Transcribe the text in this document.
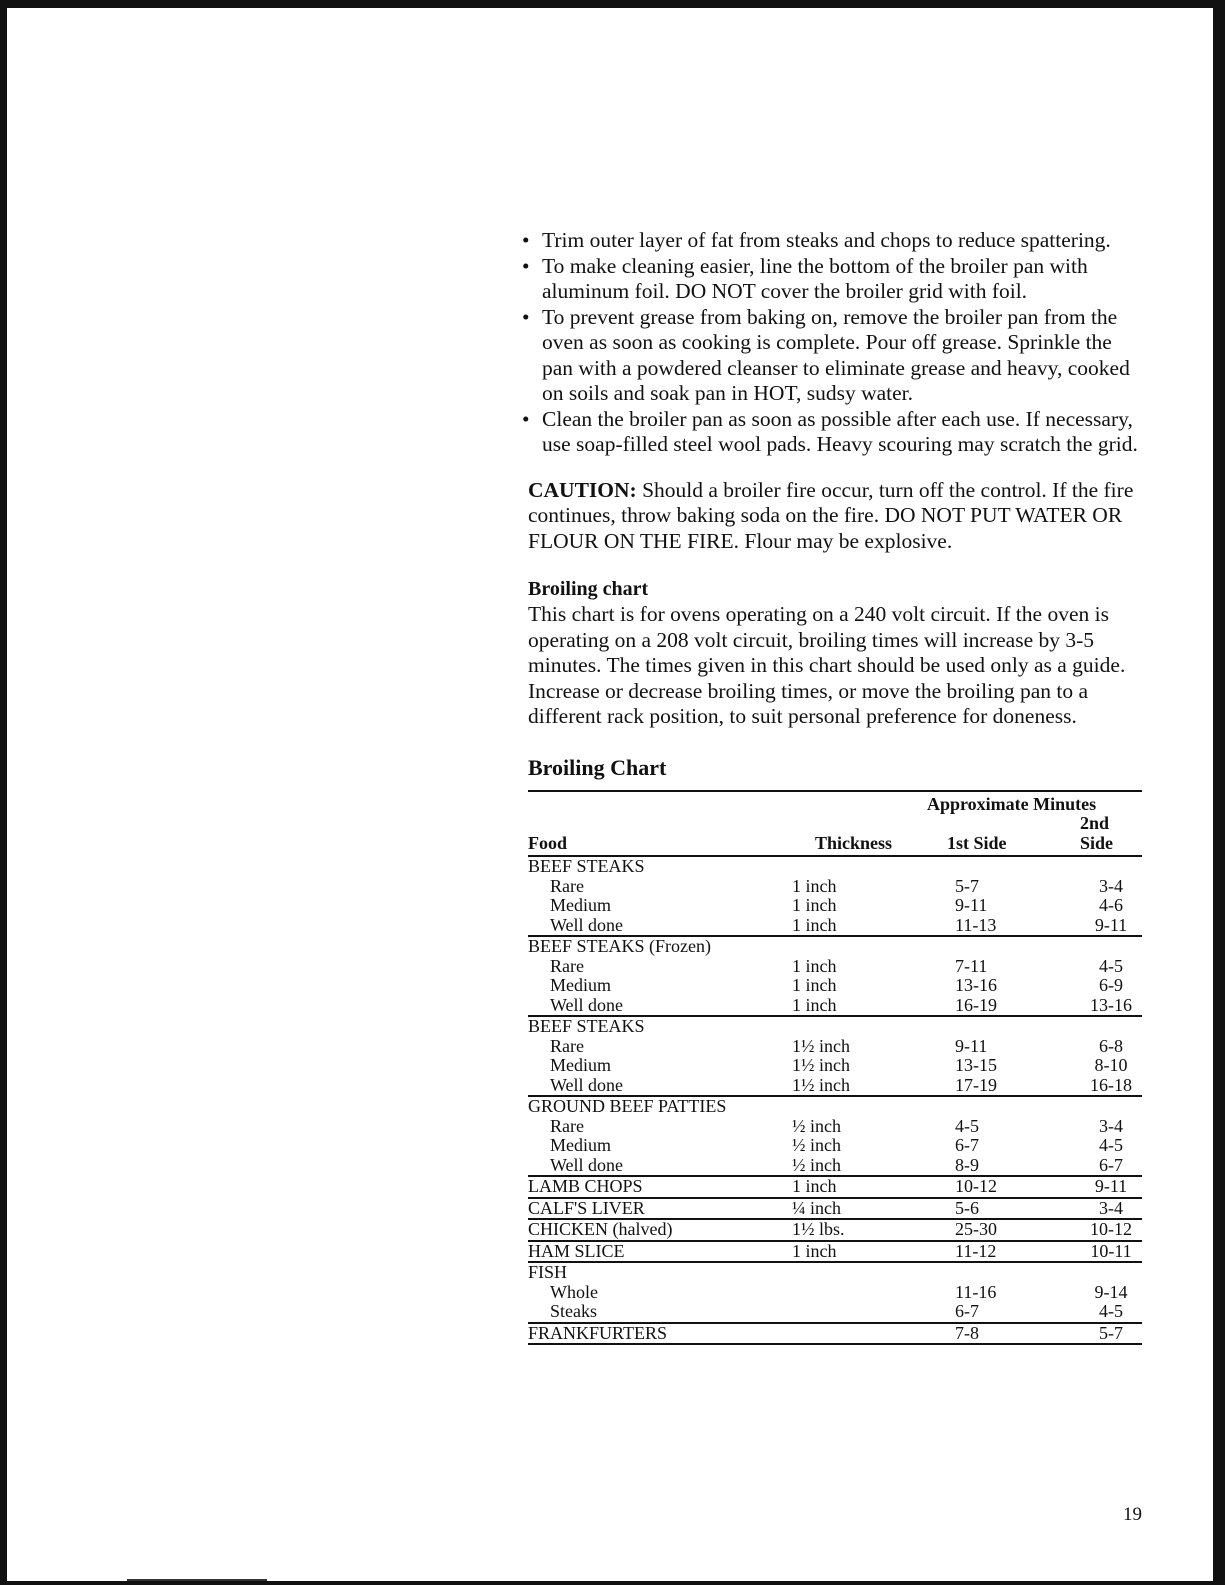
• Trim outer layer of fat from steaks and chops to reduce spattering.
• To make cleaning easier, line the bottom of the broiler pan with aluminum foil. DO NOT cover the broiler grid with foil.
• To prevent grease from baking on, remove the broiler pan from the oven as soon as cooking is complete. Pour off grease. Sprinkle the pan with a powdered cleanser to eliminate grease and heavy, cooked on soils and soak pan in HOT, sudsy water.
• Clean the broiler pan as soon as possible after each use. If necessary, use soap-filled steel wool pads. Heavy scouring may scratch the grid.

CAUTION: Should a broiler fire occur, turn off the control. If the fire continues, throw baking soda on the fire. DO NOT PUT WATER OR FLOUR ON THE FIRE. Flour may be explosive.

Broiling chart

This chart is for ovens operating on a 240 volt circuit. If the oven is operating on a 208 volt circuit, broiling times will increase by 3-5 minutes. The times given in this chart should be used only as a guide. Increase or decrease broiling times, or move the broiling pan to a different rack position, to suit personal preference for doneness.

Broiling Chart
		Approximate Minutes	
Food	Thickness	1st Side	2nd Side
BEEF STEAKS			
Rare	1 inch	5-7	3-4
Medium	1 inch	9-11	4-6
Well done	1 inch	11-13	9-11
BEEF STEAKS (Frozen)			
Rare	1 inch	7-11	4-5
Medium	1 inch	13-16	6-9
Well done	1 inch	16-19	13-16
BEEF STEAKS			
Rare	1½ inch	9-11	6-8
Medium	1½ inch	13-15	8-10
Well done	1½ inch	17-19	16-18
GROUND BEEF PATTIES			
Rare	½ inch	4-5	3-4
Medium	½ inch	6-7	4-5
Well done	½ inch	8-9	6-7
LAMB CHOPS	1 inch	10-12	9-11
CALF'S LIVER	¼ inch	5-6	3-4
CHICKEN (halved)	1½ lbs.	25-30	10-12
HAM SLICE	1 inch	11-12	10-11
FISH			
Whole		11-16	9-14
Steaks		6-7	4-5
FRANKFURTERS		7-8	5-7
19
